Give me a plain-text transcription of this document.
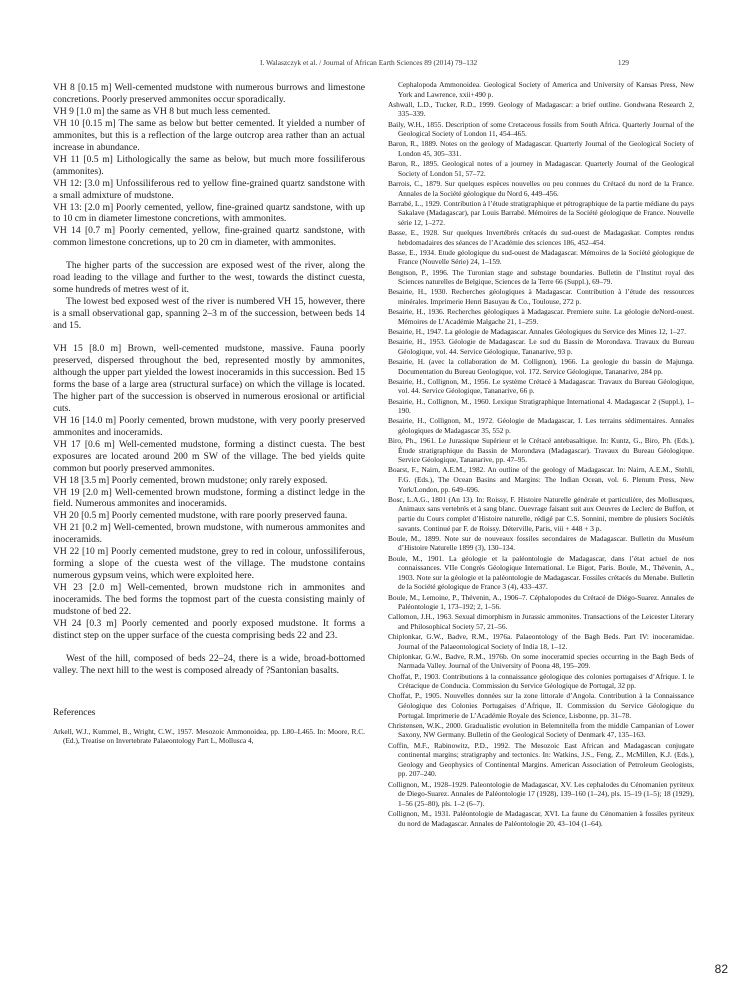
I. Walaszczyk et al. / Journal of African Earth Sciences 89 (2014) 79–132	129

VH 8 [0.15 m] Well-cemented mudstone with numerous burrows and limestone concretions. Poorly preserved ammonites occur sporadically.

VH 9 [1.0 m] the same as VH 8 but much less cemented.

VH 10 [0.15 m] The same as below but better cemented. It yielded a number of ammonites, but this is a reflection of the large outcrop area rather than an actual increase in abundance.

VH 11 [0.5 m] Lithologically the same as below, but much more fossiliferous (ammonites).

VH 12: [3.0 m] Unfossiliferous red to yellow fine-grained quartz sandstone with a small admixture of mudstone.

VH 13: [2.0 m] Poorly cemented, yellow, fine-grained quartz sandstone, with up to 10 cm in diameter limestone concretions, with ammonites.

VH 14 [0.7 m] Poorly cemented, yellow, fine-grained quartz sandstone, with common limestone concretions, up to 20 cm in diameter, with ammonites.

The higher parts of the succession are exposed west of the river, along the road leading to the village and further to the west, towards the distinct cuesta, some hundreds of metres west of it.

The lowest bed exposed west of the river is numbered VH 15, however, there is a small observational gap, spanning 2–3 m of the succession, between beds 14 and 15.

VH 15 [8.0 m] Brown, well-cemented mudstone, massive. Fauna poorly preserved, dispersed throughout the bed, represented mostly by ammonites, although the upper part yielded the lowest inoceramids in this succession. Bed 15 forms the base of a large area (structural surface) on which the village is located. The higher part of the succession is observed in numerous erosional or artificial cuts.

VH 16 [14.0 m] Poorly cemented, brown mudstone, with very poorly preserved ammonites and inoceramids.

VH 17 [0.6 m] Well-cemented mudstone, forming a distinct cuesta. The best exposures are located around 200 m SW of the village. The bed yields quite common but poorly preserved ammonites.

VH 18 [3.5 m] Poorly cemented, brown mudstone; only rarely exposed.

VH 19 [2.0 m] Well-cemented brown mudstone, forming a distinct ledge in the field. Numerous ammonites and inoceramids.

VH 20 [0.5 m] Poorly cemented mudstone, with rare poorly preserved fauna.

VH 21 [0.2 m] Well-cemented, brown mudstone, with numerous ammonites and inoceramids.

VH 22 [10 m] Poorly cemented mudstone, grey to red in colour, unfossiliferous, forming a slope of the cuesta west of the village. The mudstone contains numerous gypsum veins, which were exploited here.

VH 23 [2.0 m] Well-cemented, brown mudstone rich in ammonites and inoceramids. The bed forms the topmost part of the cuesta consisting mainly of mudstone of bed 22.

VH 24 [0.3 m] Poorly cemented and poorly exposed mudstone. It forms a distinct step on the upper surface of the cuesta comprising beds 22 and 23.

West of the hill, composed of beds 22–24, there is a wide, broad-bottomed valley. The next hill to the west is composed already of ?Santonian basalts.

References

Arkell, W.J., Kummel, B., Wright, C.W., 1957. Mesozoic Ammonoidea, pp. L80–L465. In: Moore, R.C. (Ed.), Treatise on Invertebrate Palaeontology Part L, Mollusca 4,

Cephalopoda Ammonoidea. Geological Society of America and University of Kansas Press, New York and Lawrence, xxii+490 p.

Ashwall, L.D., Tucker, R.D., 1999. Geology of Madagascar: a brief outline. Gondwana Research 2, 335–339.

Baily, W.H., 1855. Description of some Cretaceous fossils from South Africa. Quarterly Journal of the Geological Society of London 11, 454–465.

Baron, R., 1889. Notes on the geology of Madagascar. Quarterly Journal of the Geological Society of London 45, 305–331.

Baron, R., 1895. Geological notes of a journey in Madagascar. Quarterly Journal of the Geological Society of London 51, 57–72.

Barrois, C., 1879. Sur quelques espèces nouvelles ou peu connues du Crétacé du nord de la France. Annales de la Société géologique du Nord 6, 449–456.

Barrabé, L., 1929. Contribution à l’étude stratigraphique et pétrographique de la partie médiane du pays Sakalave (Madagascar), par Louis Barrabé. Mémoires de la Société géologique de France. Nouvelle série 12, 1–272.

Basse, E., 1928. Sur quelques Invertébrés crétacés du sud-ouest de Madagaskar. Comptes rendus hebdomadaires des séances de l’Académie des sciences 186, 452–454.

Basse, E., 1934. Etude géologique du sud-ouest de Madagascar. Mémoires de la Société géologique de France (Nouvelle Série) 24, 1–159.

Bengtson, P., 1996. The Turonian stage and substage boundaries. Bulletin de l’Institut royal des Sciences naturelles de Belgique, Sciences de la Terre 66 (Suppl.), 69–79.

Besairie, H., 1930. Recherches géologiques à Madagascar. Contribution à l’étude des ressources minérales. Imprimerie Henri Basuyau & Co., Toulouse, 272 p.

Besairie, H., 1936. Recherches géologiques à Madagascar. Premiere suite. La géologie deNord-ouest. Mémoires de L’Académie Malgache 21, 1–259.

Besairie, H., 1947. La géologie de Madagascar. Annales Géologiques du Service des Mines 12, 1–27.

Besairie, H., 1953. Géologie de Madagascar. Le sud du Bassin de Morondava. Travaux du Bureau Géologique, vol. 44. Service Géologique, Tananarive, 93 p.

Besairie, H. (avec la collaboration de M. Collignon), 1966. La geologie du bassin de Majunga. Documentation du Bureau Geologique, vol. 172. Service Géologique, Tananarive, 284 pp.

Besairie, H., Collignon, M., 1956. Le système Crétacé à Madagascar. Travaux du Bureau Géologique, vol. 44. Service Géologique, Tananarive, 66 p.

Besairie, H., Collignon, M., 1960. Lexique Stratigraphique International 4. Madagascar 2 (Suppl.), 1–190.

Besairie, H., Collignon, M., 1972. Géologie de Madagascar, I. Les terrains sédimentaires. Annales géologiques de Madagascar 35, 552 p.

Biro, Ph., 1961. Le Jurassique Supérieur et le Crétacé antebasaltique. In: Kuntz, G., Biro, Ph. (Eds.), Étude stratigraphique du Bassin de Morondava (Madagascar). Travaux du Bureau Géologique. Service Géologique, Tananarive, pp. 47–95.

Boarst, F., Nairn, A.E.M., 1982. An outline of the geology of Madagascar. In: Nairn, A.E.M., Stehli, F.G. (Eds.), The Ocean Basins and Margins: The Indian Ocean, vol. 6. Plenum Press, New York/London, pp. 649–696.

Bosc, L.A.G., 1801 (An 13). In: Roissy, F. Histoire Naturelle générale et particulière, des Mollusques, Animaux sans vertebrés et à sang blanc. Ouevrage faisant suit aux Oeuvres de Leclerc de Buffon, et partie du Cours complet d’Histoire naturelle, rédigé par C.S. Sonnini, membre de plusiers Sociétés savants. Continué par F. de Roissy. Déterville, Paris, viii + 448 + 3 p.

Boule, M., 1899. Note sur de nouveaux fossiles secondaires de Madagascar. Bulletin du Muséum d’Histoire Naturelle 1899 (3), 130–134.

Boule, M., 1901. La géologie et la paléontologie de Madagascar, dans l’état actuel de nos connaissances. VIIe Congrès Géologique International. Le Bigot, Paris. Boule, M., Thévenin, A., 1903. Note sur la géologie et la paléontologie de Madagascar. Fossiles crétacés du Menabe. Bulletin de la Société géologique de France 3 (4), 433–437.

Boule, M., Lemoine, P., Thévenin, A., 1906–7. Céphalopodes du Crétacé de Diégo-Suarez. Annales de Paléontologie 1, 173–192; 2, 1–56.

Callomon, J.H., 1963. Sexual dimorphism in Jurassic ammonites. Transactions of the Leicester Literary and Philosophical Society 57, 21–56.

Chiplonkar, G.W., Badve, R.M., 1976a. Palaeontology of the Bagh Beds. Part IV: inoceramidae. Journal of the Palaeontological Society of India 18, 1–12.

Chiplonkar, G.W., Badve, R.M., 1976b. On some inoceramid species occurring in the Bagh Beds of Narmada Valley. Journal of the University of Poona 48, 195–209.

Choffat, P., 1903. Contributions à la connaissance géologique des colonies portugaises d’Afrique. I. le Crétacique de Conducia. Commission du Service Géologique de Portugal, 32 pp.

Choffat, P., 1905. Nouvelles données sur la zone littorale d’Angola. Contribution à la Connaissance Géologique des Colonies Portugaises d’Afrique, II. Commission du Service Géologique du Portugal. Imprimerie de L’Académie Royale des Science, Lisbonne, pp. 31–78.

Christensen, W.K., 2000. Gradualistic evolution in Belemnitella from the middle Campanian of Lower Saxony, NW Germany. Bulletin of the Geological Society of Denmark 47, 135–163.

Coffin, M.F., Rabinowitz, P.D., 1992. The Mesozoic East African and Madagascan conjugate continental margins; stratigraphy and tectonics. In: Watkins, J.S., Feng, Z., McMillen, K.J. (Eds.), Geology and Geophysics of Continental Margins. American Association of Petroleum Geologists, pp. 207–240.

Collignon, M., 1928–1929. Paleontologie de Madagascar, XV. Les cephalodes du Cénomanien pyriteux de Diego-Suarez. Annales de Paléontologie 17 (1928), 139–160 (1–24), pls. 15–19 (1–5); 18 (1929), 1–56 (25–80), pls. 1–2 (6–7).

Collignon, M., 1931. Paléontologie de Madagascar, XVI. La faune du Cénomanien à fossiles pyriteux du nord de Madagascar. Annales de Paléontologie 20, 43–104 (1–64).

82
